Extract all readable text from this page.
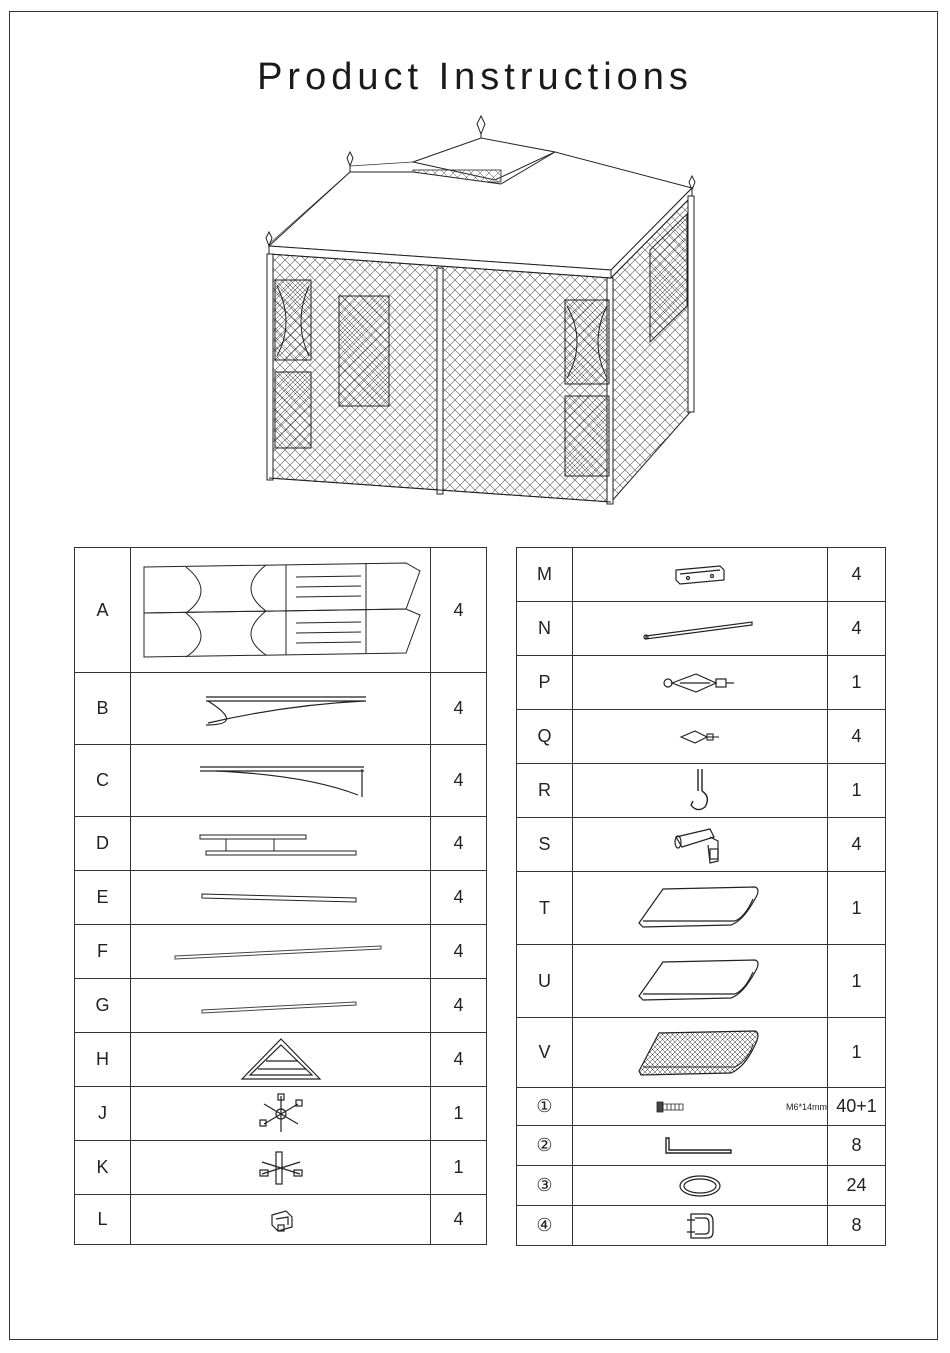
Product Instructions
A		4
B		4
C		4
D		4
E		4
F		4
G		4
H		4
J		1
K		1
L		4
M		4
N		4
P		1
Q		4
R		1
S		4
T		1
U		1
V		1
①	M6*14mm	40+1
②		8
③		24
④		8
